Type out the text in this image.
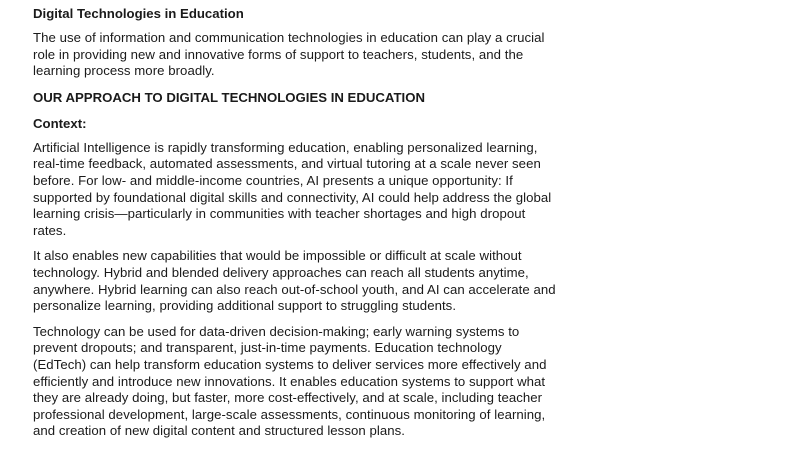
Digital Technologies in Education

The use of information and communication technologies in education can play a crucial
role in providing new and innovative forms of support to teachers, students, and the
learning process more broadly.

OUR APPROACH TO DIGITAL TECHNOLOGIES IN EDUCATION
Context:

Artificial Intelligence is rapidly transforming education, enabling personalized learning,
real-time feedback, automated assessments, and virtual tutoring at a scale never seen
before. For low- and middle-income countries, AI presents a unique opportunity: If
supported by foundational digital skills and connectivity, AI could help address the global
learning crisis—particularly in communities with teacher shortages and high dropout
rates.

It also enables new capabilities that would be impossible or difficult at scale without
technology. Hybrid and blended delivery approaches can reach all students anytime,
anywhere. Hybrid learning can also reach out-of-school youth, and AI can accelerate and
personalize learning, providing additional support to struggling students.

Technology can be used for data-driven decision-making; early warning systems to
prevent dropouts; and transparent, just-in-time payments. Education technology
(EdTech) can help transform education systems to deliver services more effectively and
efficiently and introduce new innovations. It enables education systems to support what
they are already doing, but faster, more cost-effectively, and at scale, including teacher
professional development, large-scale assessments, continuous monitoring of learning,
and creation of new digital content and structured lesson plans.
